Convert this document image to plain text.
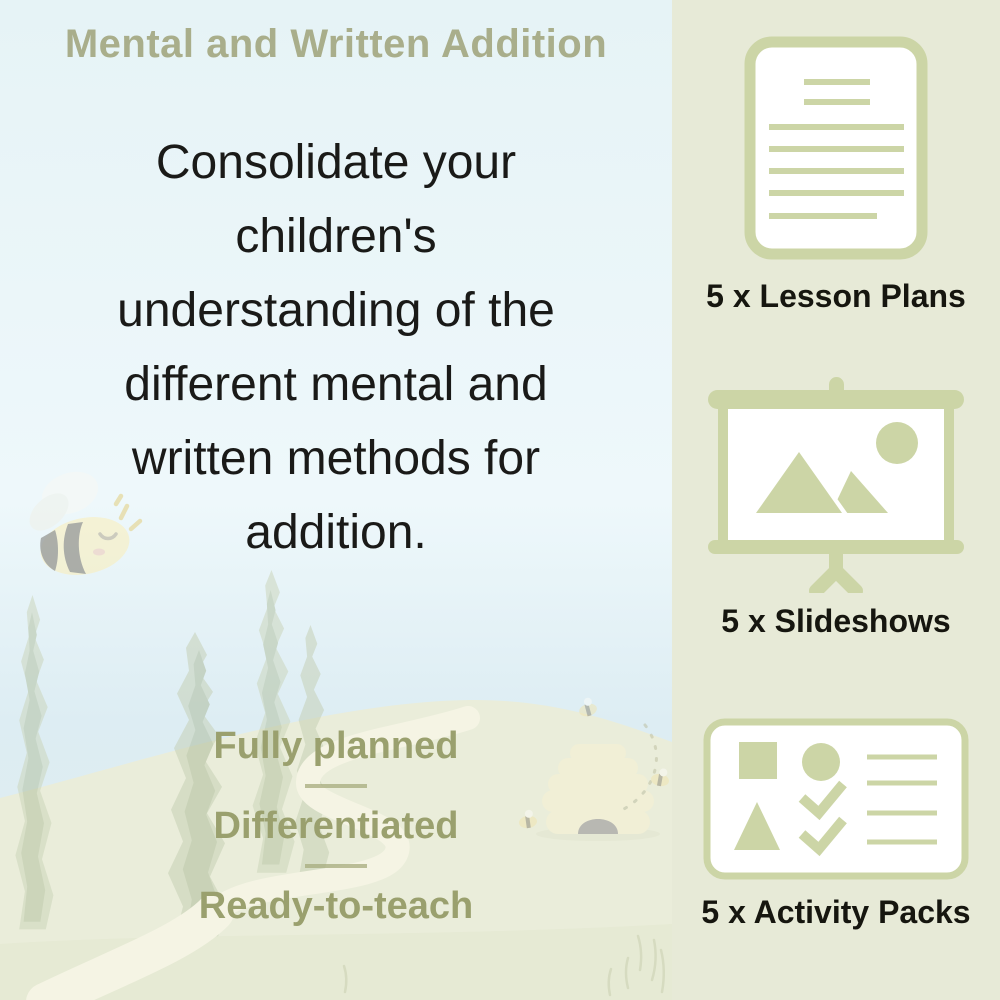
Mental and Written Addition
Consolidate your
children's
understanding of the
different mental and
written methods for
addition.
Fully planned
Differentiated
Ready-to-teach
5 x Lesson Plans
5 x Slideshows
5 x Activity Packs
